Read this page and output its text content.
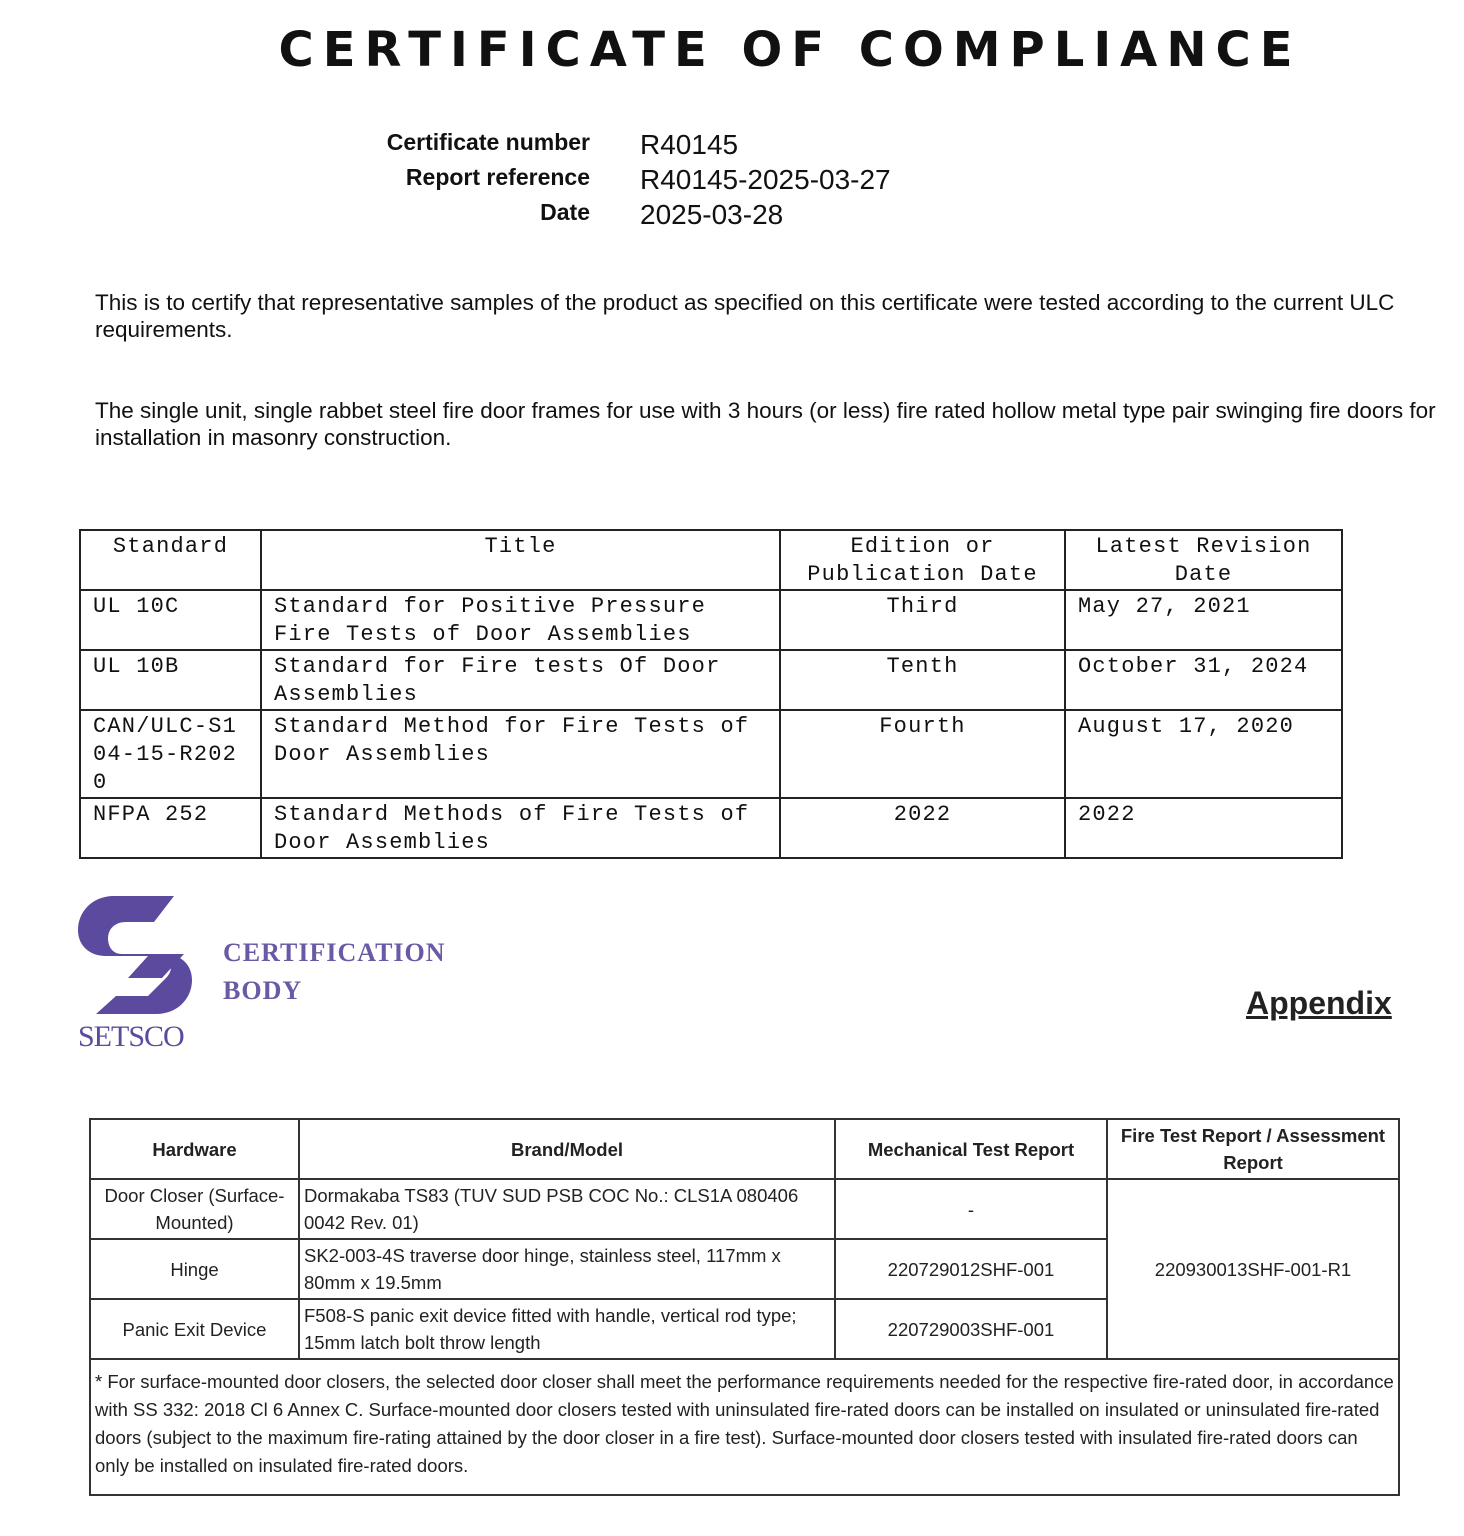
CERTIFICATE OF COMPLIANCE
Certificate number R40145
Report reference R40145-2025-03-27
Date 2025-03-28

This is to certify that representative samples of the product as specified on this certificate were tested according to the current ULC requirements.

The single unit, single rabbet steel fire door frames for use with 3 hours (or less) fire rated hollow metal type pair swinging fire doors for installation in masonry construction.

Standard	Title	Edition or Publication Date	Latest Revision Date
UL 10C	Standard for Positive Pressure Fire Tests of Door Assemblies	Third	May 27, 2021
UL 10B	Standard for Fire tests Of Door Assemblies	Tenth	October 31, 2024
CAN/ULC-S104-15-R2020	Standard Method for Fire Tests of Door Assemblies	Fourth	August 17, 2020
NFPA 252	Standard Methods of Fire Tests of Door Assemblies	2022	2022
SETSCO
CERTIFICATION
BODY	Appendix
Hardware	Brand/Model	Mechanical Test Report	Fire Test Report / Assessment Report
Door Closer (Surface-Mounted)	Dormakaba TS83 (TUV SUD PSB COC No.: CLS1A 080406 0042 Rev. 01)	-	220930013SHF-001-R1
Hinge	SK2-003-4S traverse door hinge, stainless steel, 117mm x 80mm x 19.5mm	220729012SHF-001	
Panic Exit Device	F508-S panic exit device fitted with handle, vertical rod type; 15mm latch bolt throw length	220729003SHF-001	
* For surface-mounted door closers, the selected door closer shall meet the performance requirements needed for the respective fire-rated door, in accordance with SS 332: 2018 Cl 6 Annex C. Surface-mounted door closers tested with uninsulated fire-rated doors can be installed on insulated or uninsulated fire-rated doors (subject to the maximum fire-rating attained by the door closer in a fire test). Surface-mounted door closers tested with insulated fire-rated doors can only be installed on insulated fire-rated doors.			
